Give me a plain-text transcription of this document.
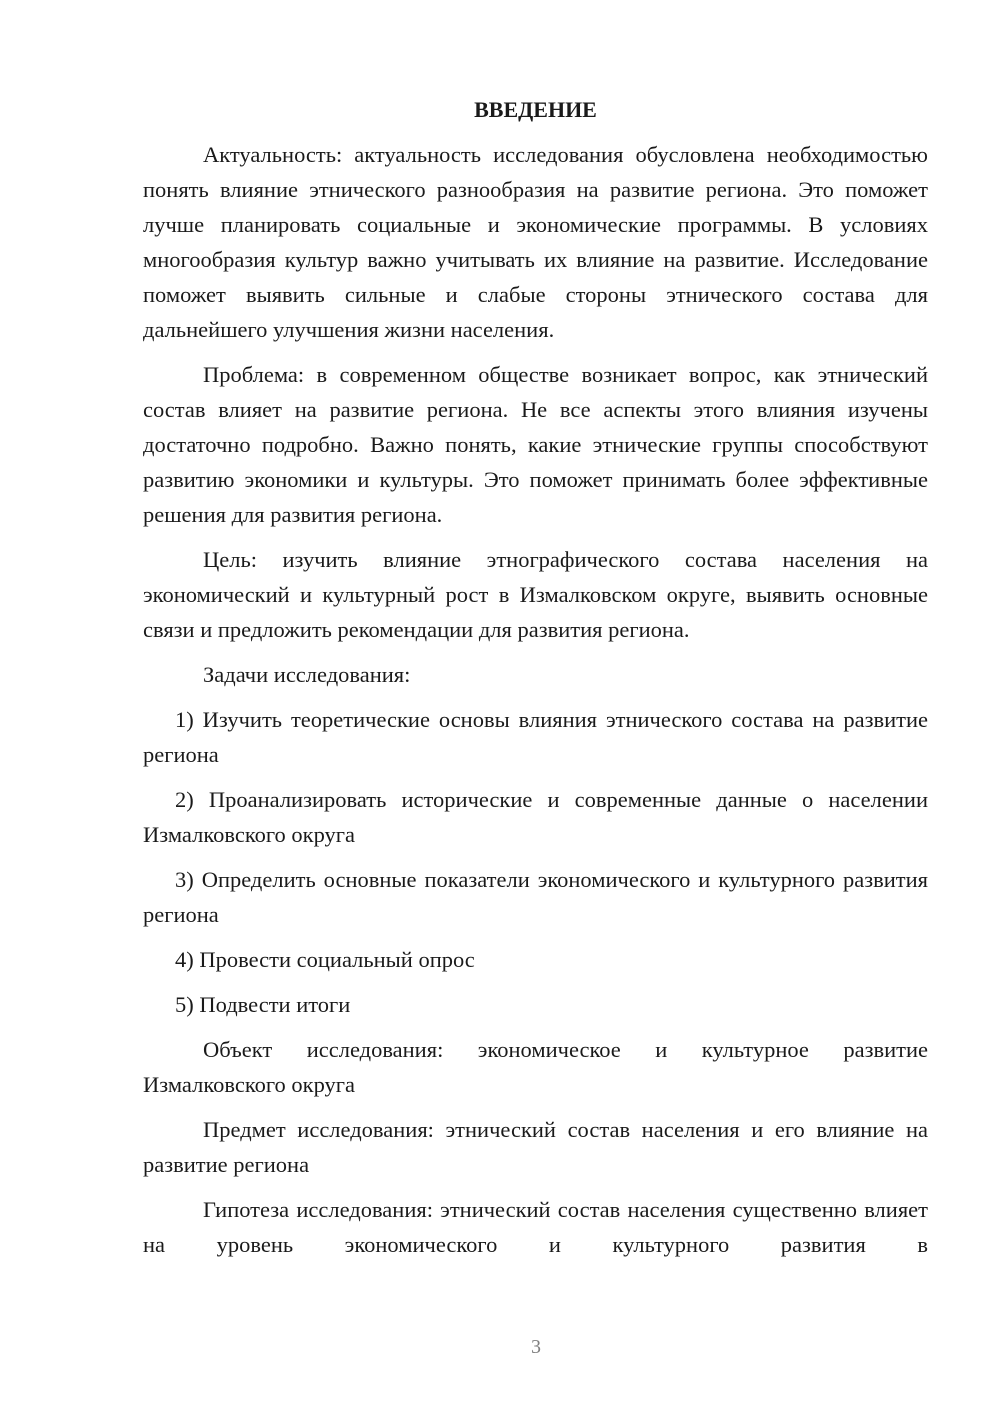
ВВЕДЕНИЕ

Актуальность: актуальность исследования обусловлена необходимостью понять влияние этнического разнообразия на развитие региона. Это поможет лучше планировать социальные и экономические программы. В условиях многообразия культур важно учитывать их влияние на развитие. Исследование поможет выявить сильные и слабые стороны этнического состава для дальнейшего улучшения жизни населения.

Проблема: в современном обществе возникает вопрос, как этнический состав влияет на развитие региона. Не все аспекты этого влияния изучены достаточно подробно. Важно понять, какие этнические группы способствуют развитию экономики и культуры. Это поможет принимать более эффективные решения для развития региона.

Цель: изучить влияние этнографического состава населения на экономический и культурный рост в Измалковском округе, выявить основные связи и предложить рекомендации для развития региона.

Задачи исследования:

1) Изучить теоретические основы влияния этнического состава на развитие региона

2) Проанализировать исторические и современные данные о населении Измалковского округа

3) Определить основные показатели экономического и культурного развития региона

4) Провести социальный опрос

5) Подвести итоги

Объект исследования: экономическое и культурное развитие Измалковского округа

Предмет исследования: этнический состав населения и его влияние на развитие региона

Гипотеза исследования: этнический состав населения существенно влияет на уровень экономического и культурного развития в

3
